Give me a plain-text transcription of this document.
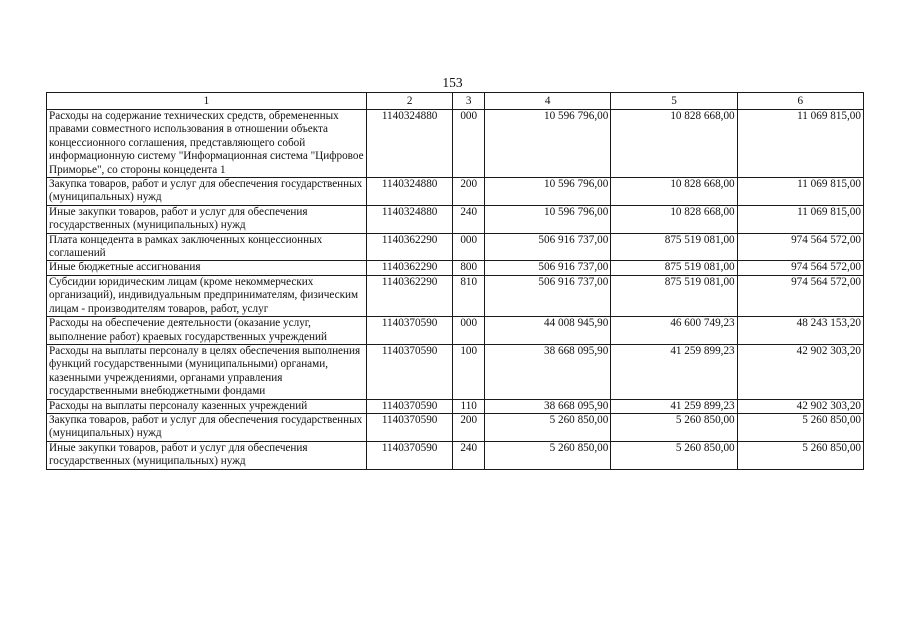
153
1	2	3	4	5	6
Расходы на содержание технических средств, обремененных правами совместного использования в отношении объекта концессионного соглашения, представляющего собой информационную систему "Информационная система "Цифровое Приморье", со стороны концедента 1	1140324880	000	10 596 796,00	10 828 668,00	11 069 815,00
Закупка товаров, работ и услуг для обеспечения государственных (муниципальных) нужд	1140324880	200	10 596 796,00	10 828 668,00	11 069 815,00
Иные закупки товаров, работ и услуг для обеспечения государственных (муниципальных) нужд	1140324880	240	10 596 796,00	10 828 668,00	11 069 815,00
Плата концедента в рамках заключенных концессионных соглашений	1140362290	000	506 916 737,00	875 519 081,00	974 564 572,00
Иные бюджетные ассигнования	1140362290	800	506 916 737,00	875 519 081,00	974 564 572,00
Субсидии юридическим лицам (кроме некоммерческих организаций), индивидуальным предпринимателям, физическим лицам - производителям товаров, работ, услуг	1140362290	810	506 916 737,00	875 519 081,00	974 564 572,00
Расходы на обеспечение деятельности (оказание услуг, выполнение работ) краевых государственных учреждений	1140370590	000	44 008 945,90	46 600 749,23	48 243 153,20
Расходы на выплаты персоналу в целях обеспечения выполнения функций государственными (муниципальными) органами, казенными учреждениями, органами управления государственными внебюджетными фондами	1140370590	100	38 668 095,90	41 259 899,23	42 902 303,20
Расходы на выплаты персоналу казенных учреждений	1140370590	110	38 668 095,90	41 259 899,23	42 902 303,20
Закупка товаров, работ и услуг для обеспечения государственных (муниципальных) нужд	1140370590	200	5 260 850,00	5 260 850,00	5 260 850,00
Иные закупки товаров, работ и услуг для обеспечения государственных (муниципальных) нужд	1140370590	240	5 260 850,00	5 260 850,00	5 260 850,00
